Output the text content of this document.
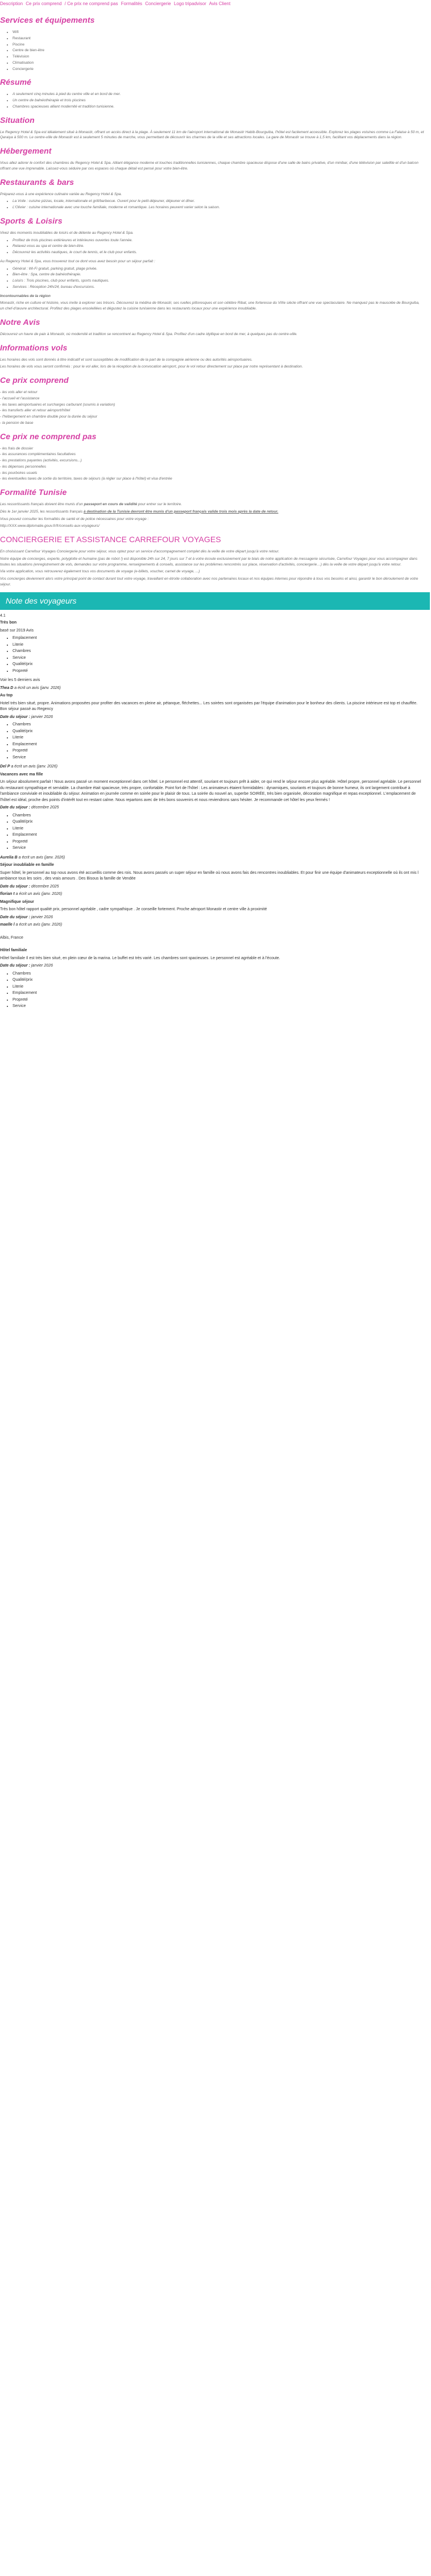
Description Ce prix comprend / Ce prix ne comprend pas Formalités Conciergerie Logo tripadvisor Avis Client
Services et équipements
• Wifi
• Restaurant
• Piscine
• Centre de bien-être
• Télévision
• Climatisation
• Conciergerie
Résumé
• A seulement cinq minutes à pied du centre ville et en bord de mer.
• Un centre de balnéothérapie et trois piscines
• Chambres spacieuses alliant modernité et tradition tunisienne.
Situation

Le Regency Hotel & Spa est idéalement situé à Monastir, offrant un accès direct à la plage. À seulement 11 km de l'aéroport international de Monastir Habib-Bourguiba, l'hôtel est facilement accessible. Explorez les plages voisines comme La Falaise à 50 m, et Qaraiya à 500 m. Le centre-ville de Monastir est à seulement 5 minutes de marche, vous permettant de découvrir les charmes de la ville et ses attractions locales. La gare de Monastir se trouve à 1,5 km, facilitant vos déplacements dans la région.

Hébergement

Vous allez adorer le confort des chambres du Regency Hotel & Spa. Alliant élégance moderne et touches traditionnelles tunisiennes, chaque chambre spacieuse dispose d'une salle de bains privative, d'un minibar, d'une télévision par satellite et d'un balcon offrant une vue imprenable. Laissez-vous séduire par ces espaces où chaque détail est pensé pour votre bien-être.

Restaurants & bars

Préparez-vous à une expérience culinaire variée au Regency Hotel & Spa.

• La Voile : cuisine pizzas, locale, internationale et grill/barbecue. Ouvert pour le petit-déjeuner, déjeuner et dîner.
• L'Olivier : cuisine internationale avec une touche familiale, moderne et romantique. Les horaires peuvent varier selon la saison.
Sports & Loisirs

Vivez des moments inoubliables de loisirs et de détente au Regency Hotel & Spa.

• Profitez de trois piscines extérieures et intérieures ouvertes toute l'année.
• Relaxez-vous au spa et centre de bien-être.
• Découvrez les activités nautiques, le court de tennis, et le club pour enfants.

Au Regency Hotel & Spa, vous trouverez tout ce dont vous avez besoin pour un séjour parfait :

• Général : Wi-Fi gratuit, parking gratuit, plage privée.
• Bien-être : Spa, centre de balnéothérapie.
• Loisirs : Trois piscines, club pour enfants, sports nautiques.
• Services : Réception 24h/24, bureau d'excursions.

Incontournables de la région

Monastir, riche en culture et histoire, vous invite à explorer ses trésors. Découvrez la médina de Monastir, ses ruelles pittoresques et son célèbre Ribat, une forteresse du VIIIe siècle offrant une vue spectaculaire. Ne manquez pas le mausolée de Bourguiba, un chef-d'œuvre architectural. Profitez des plages ensoleillées et dégustez la cuisine tunisienne dans les restaurants locaux pour une expérience inoubliable.

Notre Avis

Découvrez un havre de paix à Monastir, où modernité et tradition se rencontrent au Regency Hotel & Spa. Profitez d'un cadre idyllique en bord de mer, à quelques pas du centre-ville.

Informations vols

Les horaires des vols sont donnés à titre indicatif et sont susceptibles de modification de la part de la compagnie aérienne ou des autorités aéroportuaires.

Les horaires de vols vous seront confirmés : pour le vol aller, lors de la réception de la convocation aéroport, pour le vol retour directement sur place par notre représentant à destination.

Ce prix comprend
- les vols aller et retour
- l'accueil et l'assistance
- les taxes aéroportuaires et surcharges carburant (soumis à variation)
- les transferts aller et retour aéroport/hôtel
- l'hébergement en chambre double pour la durée du séjour
- la pension de base
Ce prix ne comprend pas
- les frais de dossier
- les assurances complémentaires facultatives
- les prestations payantes (activités, excursions...)
- les dépenses personnelles
- les pourboires usuels
- les éventuelles taxes de sortie du territoire, taxes de séjours (à régler sur place à l'hôtel) et visa d'entrée
Formalité Tunisie

Les ressortissants français doivent être munis d'un passeport en cours de validité pour entrer sur le territoire.

Dès le 1er janvier 2025, les ressortissants français à destination de la Tunisie devront être munis d'un passeport français valide trois mois après la date de retour.

Vous pouvez consulter les formalités de santé et de police nécessaires pour votre voyage :

http://XXX.www.diplomatie.gouv.fr/fr/conseils-aux-voyageurs/

CONCIERGERIE ET ASSISTANCE CARREFOUR VOYAGES

En choisissant Carrefour Voyages Conciergerie pour votre séjour, vous optez pour un service d'accompagnement complet dès la veille de votre départ jusqu'à votre retour.

Notre équipe de concierges, experte, polyglotte et humaine (pas de robot !) est disponible 24h sur 24, 7 jours sur 7 et à votre écoute exclusivement par le biais de notre application de messagerie sécurisée, Carrefour Voyages pour vous accompagner dans toutes les situations (enregistrement de vols, demandes sur votre programme, renseignements & conseils, assistance sur les problèmes rencontrés sur place, réservation d'activités, conciergerie…) dès la veille de votre départ jusqu'à votre retour.

Via votre application, vous retrouverez également tous vos documents de voyage (e-billets, voucher, carnet de voyage, ...)

Vos concierges deviennent alors votre principal point de contact durant tout votre voyage, travaillant en étroite collaboration avec nos partenaires locaux et nos équipes internes pour répondre à tous vos besoins et ainsi, garantir le bon déroulement de votre séjour.

Note des voyageurs
4.1
Très bon

basé sur 2019 Avis

• Emplacement
• Literie
• Chambres
• Service
• Qualité/prix
• Propreté

Voir les 5 derniers avis

Thea D a écrit un avis (janv. 2026)

Au top

Hotel très bien situé, propre. Animations proposées pour profiter des vacances en pleine air, pétanque, fléchettes... Les soirées sont organisées par l'équipe d'animation pour le bonheur des clients. La piscine intérieure est top et chauffée. Bon séjour passé au Regency

Date du séjour : janvier 2026

• Chambres
• Qualité/prix
• Literie
• Emplacement
• Propreté
• Service

Del P a écrit un avis (janv. 2026)

Vacances avec ma fille

Un séjour absolument parfait ! Nous avons passé un moment exceptionnel dans cet hôtel. Le personnel est attentif, souriant et toujours prêt à aider, ce qui rend le séjour encore plus agréable. Hôtel propre, personnel agréable. Le personnel du restaurant sympathique et serviable. La chambre était spacieuse, très propre, confortable. Point fort de l'hôtel : Les animateurs étaient formidables : dynamiques, souriants et toujours de bonne humeur, ils ont largement contribué à l'ambiance conviviale et inoubliable du séjour. Animation en journée comme en soirée pour le plaisir de tous. La soirée du nouvel an, superbe SOIRÉE, très bien organisée, décoration magnifique et repas exceptionnel. L'emplacement de l'hôtel est idéal, proche des points d'intérêt tout en restant calme. Nous repartons avec de très bons souvenirs et nous reviendrons sans hésiter. Je recommande cet hôtel les yeux fermés !

Date du séjour : décembre 2025

• Chambres
• Qualité/prix
• Literie
• Emplacement
• Propreté
• Service

Aurelia B a écrit un avis (janv. 2026)

Séjour inoubliable en famille

Super hôtel, le personnel au top nous avons été accueillis comme des rois. Nous avons passés un super séjour en famille où nous avons fais des rencontres inoubliables. Et pour finir une équipe d'animateurs exceptionnelle où ils ont mis l ambiance tous les soirs , des vrais amours . Des Bisous la famille de Vendée

Date du séjour : décembre 2025

florian t a écrit un avis (janv. 2026)

Magnifique séjour

Très bon hôtel rapport qualité prix, personnel agréable , cadre sympathique . Je conseille fortement. Proche aéroport Monastir et centre ville à proximité

Date du séjour : janvier 2026

maelle l a écrit un avis (janv. 2026)

Albis, France

Hôtel familiale

Hôtel familiale Il est très bien situé, en plein cœur de la marina. Le buffet est très varié. Les chambres sont spacieuses. Le personnel est agréable et à l'écoute.

Date du séjour : janvier 2026

• Chambres
• Qualité/prix
• Literie
• Emplacement
• Propreté
• Service
